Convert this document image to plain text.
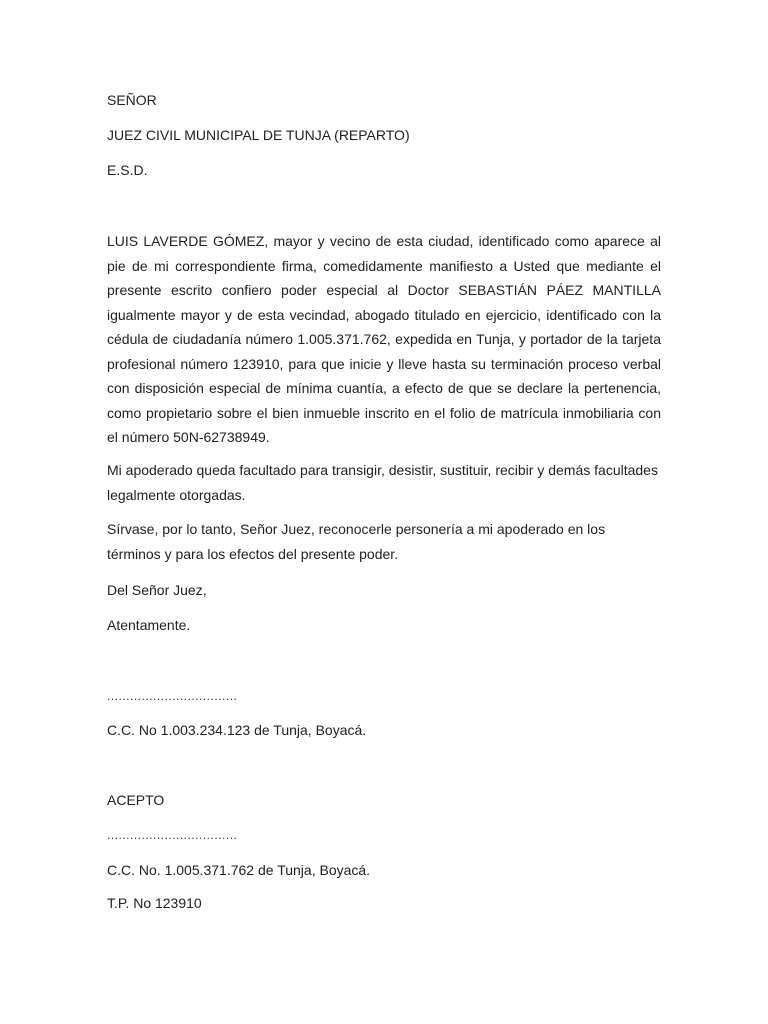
SEÑOR
JUEZ CIVIL MUNICIPAL DE TUNJA (REPARTO)
E.S.D.

LUIS LAVERDE GÓMEZ, mayor y vecino de esta ciudad, identificado como aparece al pie de mi correspondiente firma, comedidamente manifiesto a Usted que mediante el presente escrito confiero poder especial al Doctor SEBASTIÁN PÁEZ MANTILLA igualmente mayor y de esta vecindad, abogado titulado en ejercicio, identificado con la cédula de ciudadanía número 1.005.371.762, expedida en Tunja, y portador de la tarjeta profesional número 123910, para que inicie y lleve hasta su terminación proceso verbal con disposición especial de mínima cuantía, a efecto de que se declare la pertenencia, como propietario sobre el bien inmueble inscrito en el folio de matrícula inmobiliaria con el número 50N-62738949.

Mi apoderado queda facultado para transigir, desistir, sustituir, recibir y demás facultades legalmente otorgadas.

Sírvase, por lo tanto, Señor Juez, reconocerle personería a mi apoderado en los términos y para los efectos del presente poder.

Del Señor Juez,
Atentamente.
..................................
C.C. No 1.003.234.123 de Tunja, Boyacá.
ACEPTO
..................................
C.C. No. 1.005.371.762 de Tunja, Boyacá.
T.P. No 123910
